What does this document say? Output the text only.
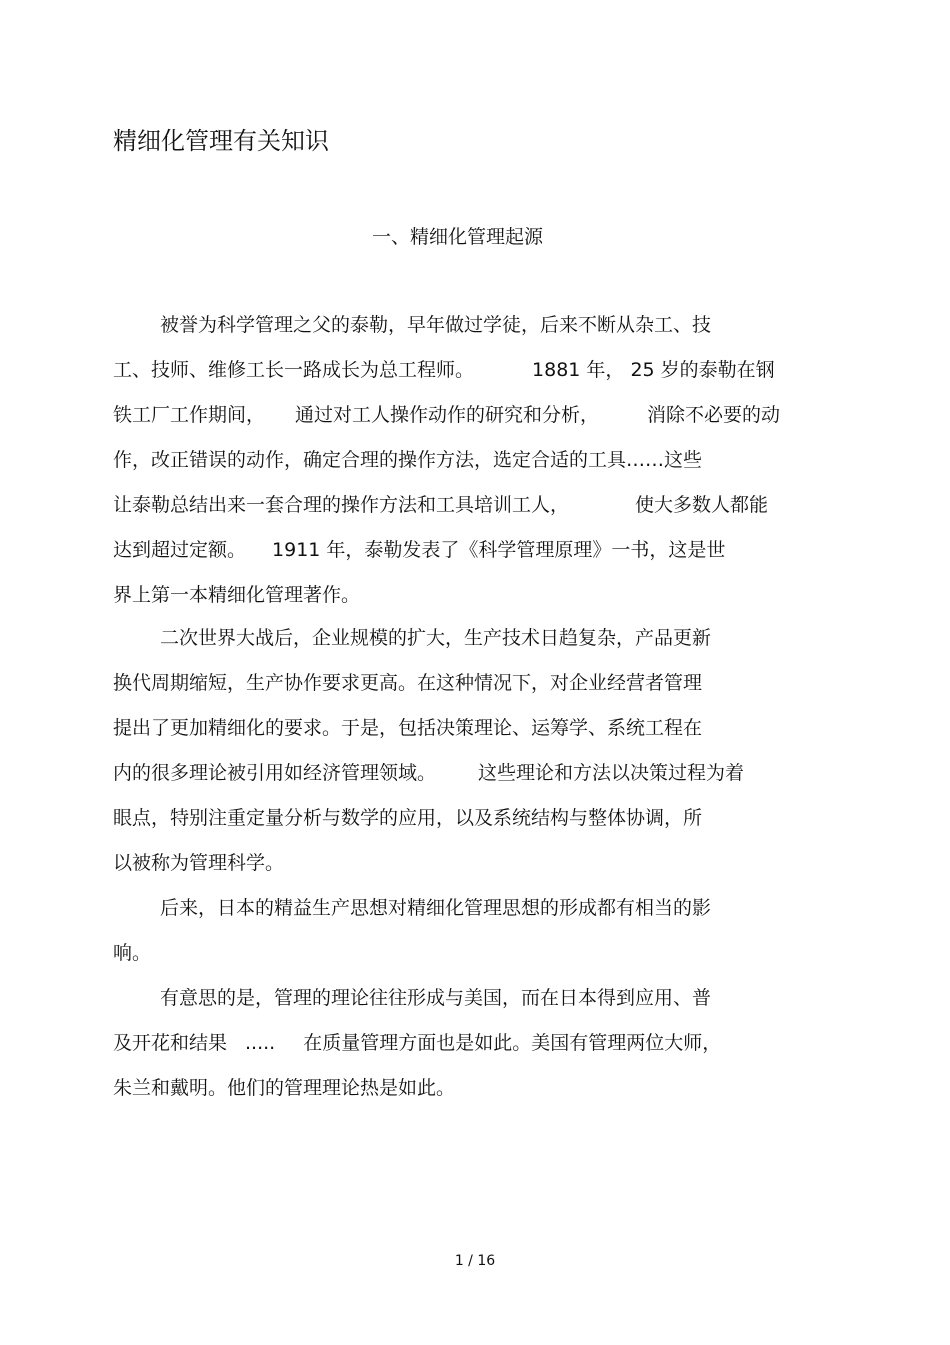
精细化管理有关知识
一、精细化管理起源
被誉为科学管理之父的泰勒，早年做过学徒，后来不断从杂工、技
工、技师、维修工长一路成长为总工程师。	1881 年， 25 岁的泰勒在钢
铁工厂工作期间， 通过对工人操作动作的研究和分析，	消除不必要的动
作，改正错误的动作，确定合理的操作方法，选定合适的工具……这些
让泰勒总结出来一套合理的操作方法和工具培训工人，	使大多数人都能
达到超过定额。 1911 年，泰勒发表了《科学管理原理》一书，这是世
界上第一本精细化管理著作。
二次世界大战后，企业规模的扩大，生产技术日趋复杂，产品更新
换代周期缩短，生产协作要求更高。在这种情况下，对企业经营者管理
提出了更加精细化的要求。于是，包括决策理论、运筹学、系统工程在
内的很多理论被引用如经济管理领域。 这些理论和方法以决策过程为着
眼点，特别注重定量分析与数学的应用，以及系统结构与整体协调，所
以被称为管理科学。
后来，日本的精益生产思想对精细化管理思想的形成都有相当的影
响。
有意思的是，管理的理论往往形成与美国，而在日本得到应用、普
及开花和结果 ..... 在质量管理方面也是如此。美国有管理两位大师，
朱兰和戴明。他们的管理理论热是如此。
1 / 16
